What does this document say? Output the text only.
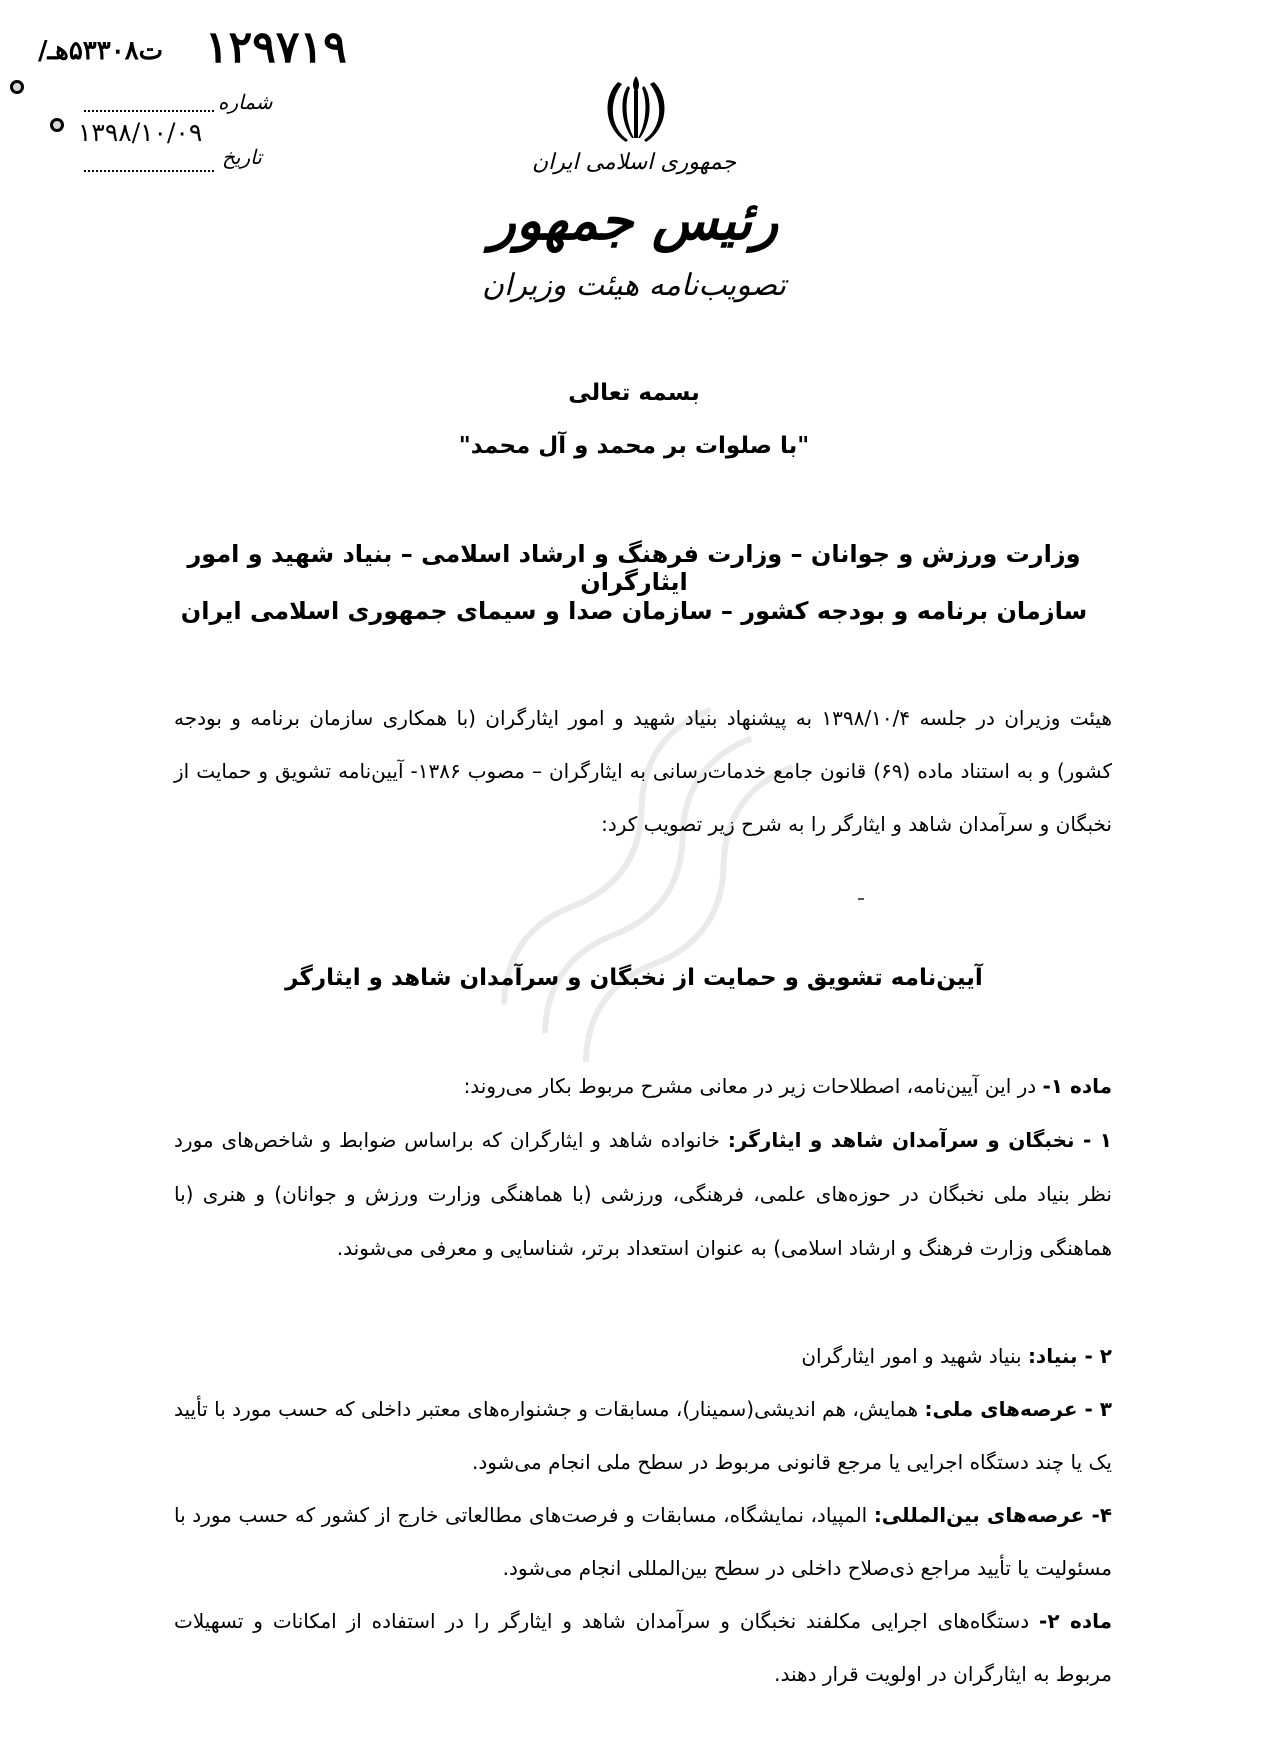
۱۲۹۷۱۹
/ت۵۳۳۰۸هـ
شماره
۱۳۹۸/۱۰/۰۹
تاریخ	جمهوری اسلامی ایران
رئیس جمهور
تصویب‌نامه هیئت وزیران
بسمه تعالی
"با صلوات بر محمد و آل محمد"
وزارت ورزش و جوانان – وزارت فرهنگ و ارشاد اسلامی – بنیاد شهید و امور ایثارگران
سازمان برنامه و بودجه کشور – سازمان صدا و سیمای جمهوری اسلامی ایران
هیئت وزیران در جلسه ۱۳۹۸/۱۰/۴ به پیشنهاد بنیاد شهید و امور ایثارگران (با همکاری سازمان برنامه و بودجه کشور) و به استناد ماده (۶۹) قانون جامع خدمات‌رسانی به ایثارگران – مصوب ۱۳۸۶- آیین‌نامه تشویق و حمایت از نخبگان و سرآمدان شاهد و ایثارگر را به شرح زیر تصویب کرد:
آیین‌نامه تشویق و حمایت از نخبگان و سرآمدان شاهد و ایثارگر
ماده ۱- در این آیین‌نامه، اصطلاحات زیر در معانی مشرح مربوط بکار می‌روند:
۱ - نخبگان و سرآمدان شاهد و ایثارگر: خانواده شاهد و ایثارگران که براساس ضوابط و شاخص‌های مورد نظر بنیاد ملی نخبگان در حوزه‌های علمی، فرهنگی، ورزشی (با هماهنگی وزارت ورزش و جوانان) و هنری (با هماهنگی وزارت فرهنگ و ارشاد اسلامی) به عنوان استعداد برتر، شناسایی و معرفی می‌شوند.
۲ - بنیاد: بنیاد شهید و امور ایثارگران
۳ - عرصه‌های ملی: همایش، هم اندیشی(سمینار)، مسابقات و جشنواره‌های معتبر داخلی که حسب مورد با تأیید یک یا چند دستگاه اجرایی یا مرجع قانونی مربوط در سطح ملی انجام می‌شود.
۴- عرصه‌های بین‌المللی: المپیاد، نمایشگاه، مسابقات و فرصت‌های مطالعاتی خارج از کشور که حسب مورد با مسئولیت یا تأیید مراجع ذی‌صلاح داخلی در سطح بین‌المللی انجام می‌شود.
ماده ۲- دستگاه‌های اجرایی مکلفند نخبگان و سرآمدان شاهد و ایثارگر را در استفاده از امکانات و تسهیلات مربوط به ایثارگران در اولویت قرار دهند.
